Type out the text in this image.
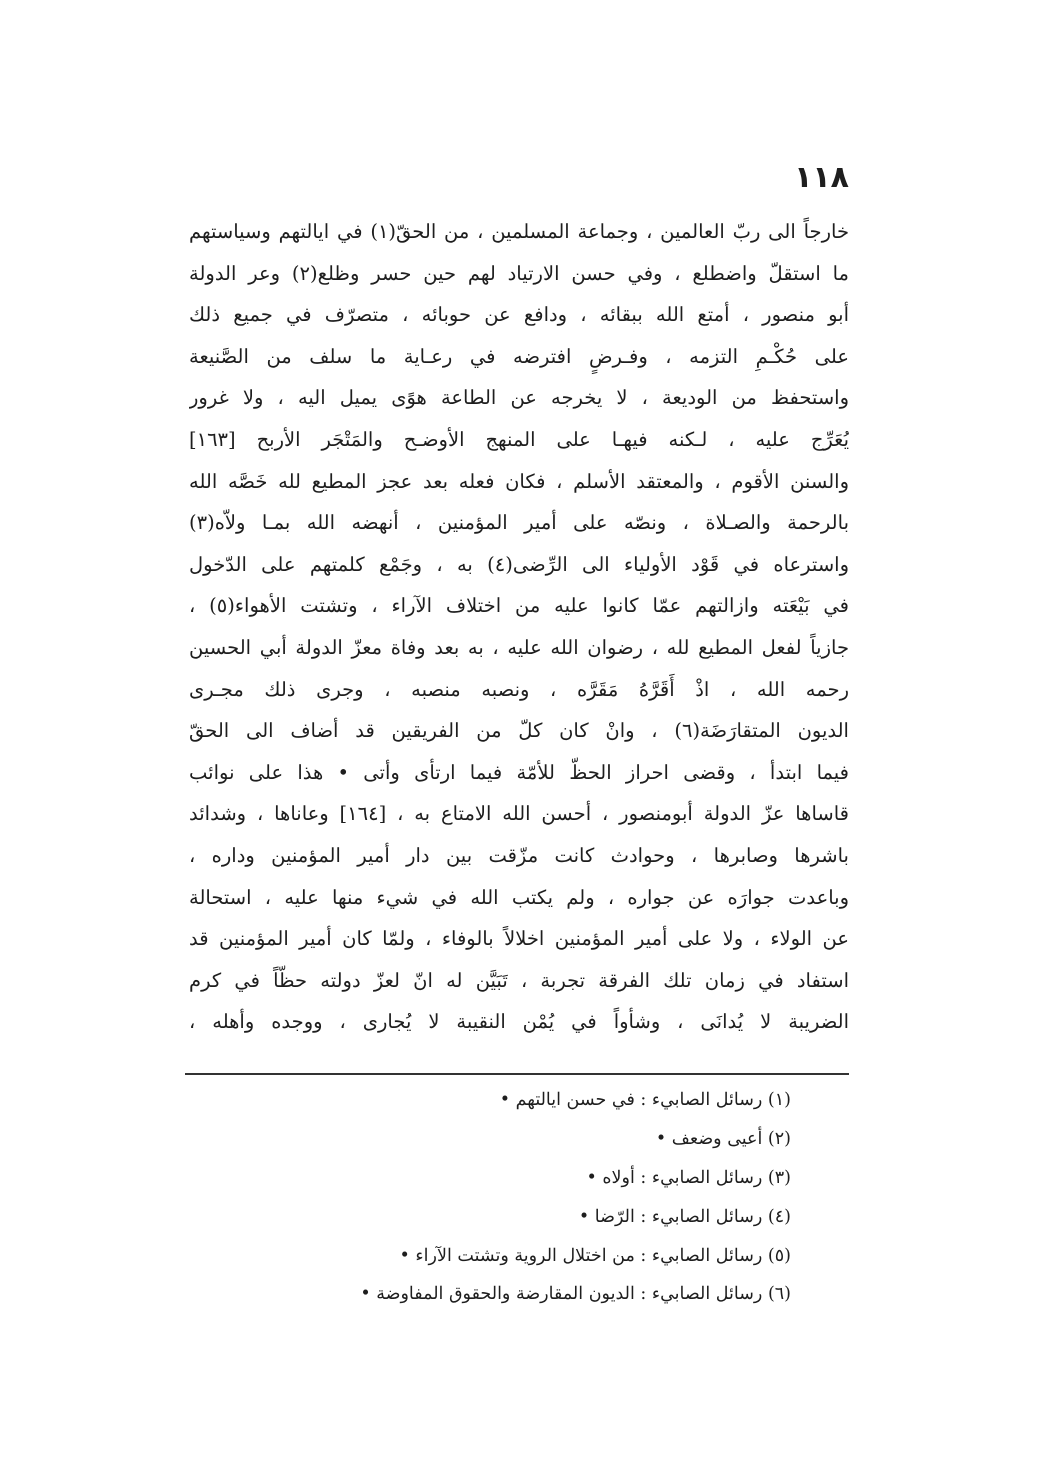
١١٨
خارجاً الى ربّ العالمين ، وجماعة المسلمين ، من الحقّ(١) في ايالتهم وسياستهم
ما استقلّ واضطلع ، وفي حسن الارتياد لهم حين حسر وظلع(٢) وعر الدولة
أبو منصور ، أمتع الله ببقائه ، ودافع عن حوبائه ، متصرّف في جميع ذلك
على حُكْـمِ التزمه ، وفـرضٍ افترضه في رعـاية ما سلف من الصَّنيعة
واستحفظ من الوديعة ، لا يخرجه عن الطاعة هوًى يميل اليه ، ولا غرور
يُعَرِّج عليه ، لـكنه فيهـا على المنهج الأوضـح والمَتْجَر الأربح [١٦٣]
والسنن الأقوم ، والمعتقد الأسلم ، فكان فعله بعد عجز المطيع لله خَصَّه الله
بالرحمة والصـلاة ، ونصّه على أمير المؤمنين ، أنهضه الله بمـا ولاّه(٣)
واسترعاه في قَوْد الأولياء الى الرِّضى(٤) به ، وجَمْع كلمتهم على الدّخول
في بَيْعَته وازالتهم عمّا كانوا عليه من اختلاف الآراء ، وتشتت الأهواء(٥) ،
جازياً لفعل المطيع لله ، رضوان الله عليه ، به بعد وفاة معزّ الدولة أبي الحسين
رحمه الله ، اذْ أَقَرَّهُ مَقَرَّه ، ونصبه منصبه ، وجرى ذلك مجـرى
الديون المتقارَضَة(٦) ، وانْ كان كلّ من الفريقين قد أضاف الى الحقّ
فيما ابتدأ ، وقضى احراز الحظّ للأمّة فيما ارتأى وأتى • هذا على نوائب
قاساها عزّ الدولة أبومنصور ، أحسن الله الامتاع به ، [١٦٤] وعاناها ، وشدائد
باشرها وصابرها ، وحوادث كانت مزّقت بين دار أمير المؤمنين وداره ،
وباعدت جوارَه عن جواره ، ولم يكتب الله في شيء منها عليه ، استحالة
عن الولاء ، ولا على أمير المؤمنين اخلالاً بالوفاء ، ولمّا كان أمير المؤمنين قد
استفاد في زمان تلك الفرقة تجربة ، تَبَيَّن له انّ لعزّ دولته حظّاً في كرم
الضريبة لا يُدانَى ، وشأواً في يُمْن النقيبة لا يُجارى ، ووجده وأهله ،
(١) رسائل الصابيء : في حسن ايالتهم •
(٢) أعيى وضعف •
(٣) رسائل الصابيء : أولاه •
(٤) رسائل الصابيء : الرّضا •
(٥) رسائل الصابيء : من اختلال الروية وتشتت الآراء •
(٦) رسائل الصابيء : الديون المقارضة والحقوق المفاوضة •
